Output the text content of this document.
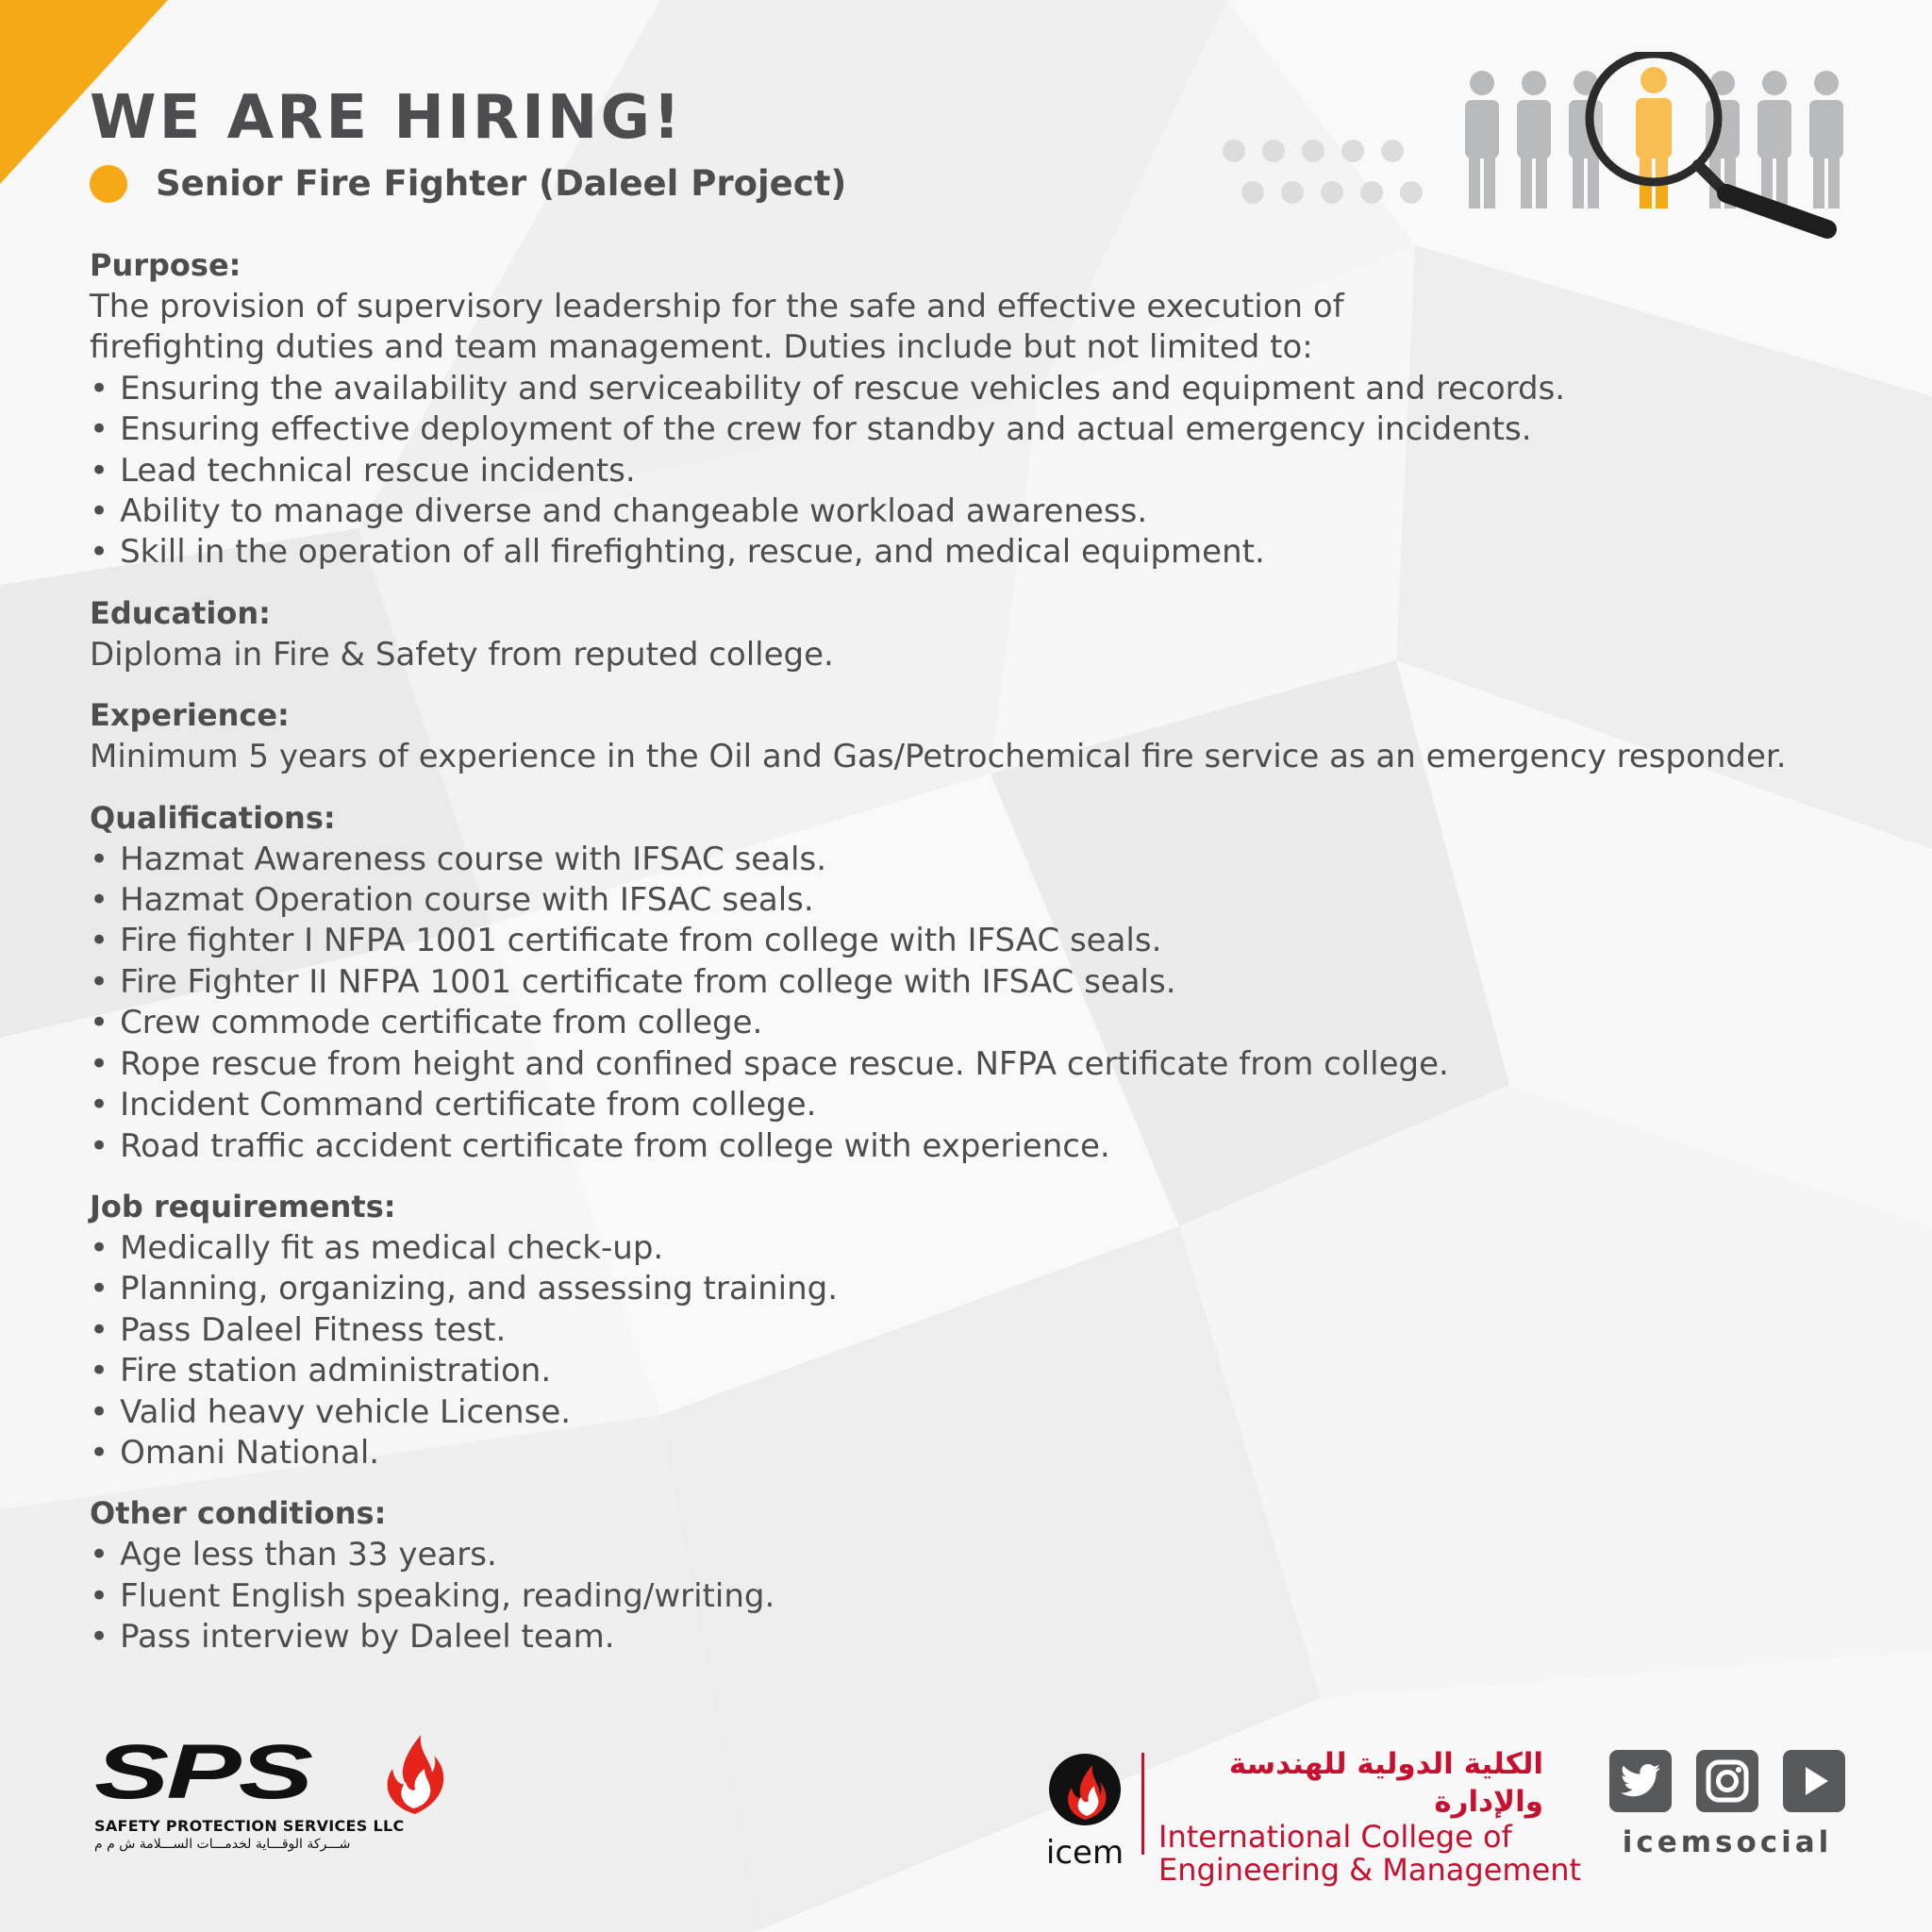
WE ARE HIRING!
Senior Fire Fighter (Daleel Project)
Purpose:
The provision of supervisory leadership for the safe and effective execution of
firefighting duties and team management. Duties include but not limited to:
• Ensuring the availability and serviceability of rescue vehicles and equipment and records.
• Ensuring effective deployment of the crew for standby and actual emergency incidents.
• Lead technical rescue incidents.
• Ability to manage diverse and changeable workload awareness.
• Skill in the operation of all firefighting, rescue, and medical equipment.
Education:
Diploma in Fire & Safety from reputed college.
Experience:
Minimum 5 years of experience in the Oil and Gas/Petrochemical fire service as an emergency responder.
Qualifications:
• Hazmat Awareness course with IFSAC seals.
• Hazmat Operation course with IFSAC seals.
• Fire fighter I NFPA 1001 certificate from college with IFSAC seals.
• Fire Fighter II NFPA 1001 certificate from college with IFSAC seals.
• Crew commode certificate from college.
• Rope rescue from height and confined space rescue. NFPA certificate from college.
• Incident Command certificate from college.
• Road traffic accident certificate from college with experience.
Job requirements:
• Medically fit as medical check-up.
• Planning, organizing, and assessing training.
• Pass Daleel Fitness test.
• Fire station administration.
• Valid heavy vehicle License.
• Omani National.
Other conditions:
• Age less than 33 years.
• Fluent English speaking, reading/writing.
• Pass interview by Daleel team.
SPS
SAFETY PROTECTION SERVICES LLC
شـــركة الوقـــاية لخدمـــات الســـلامة ش م م	icem
الكلية الدولية للهندسة والإدارة
International College of
Engineering & Management
icemsocial
